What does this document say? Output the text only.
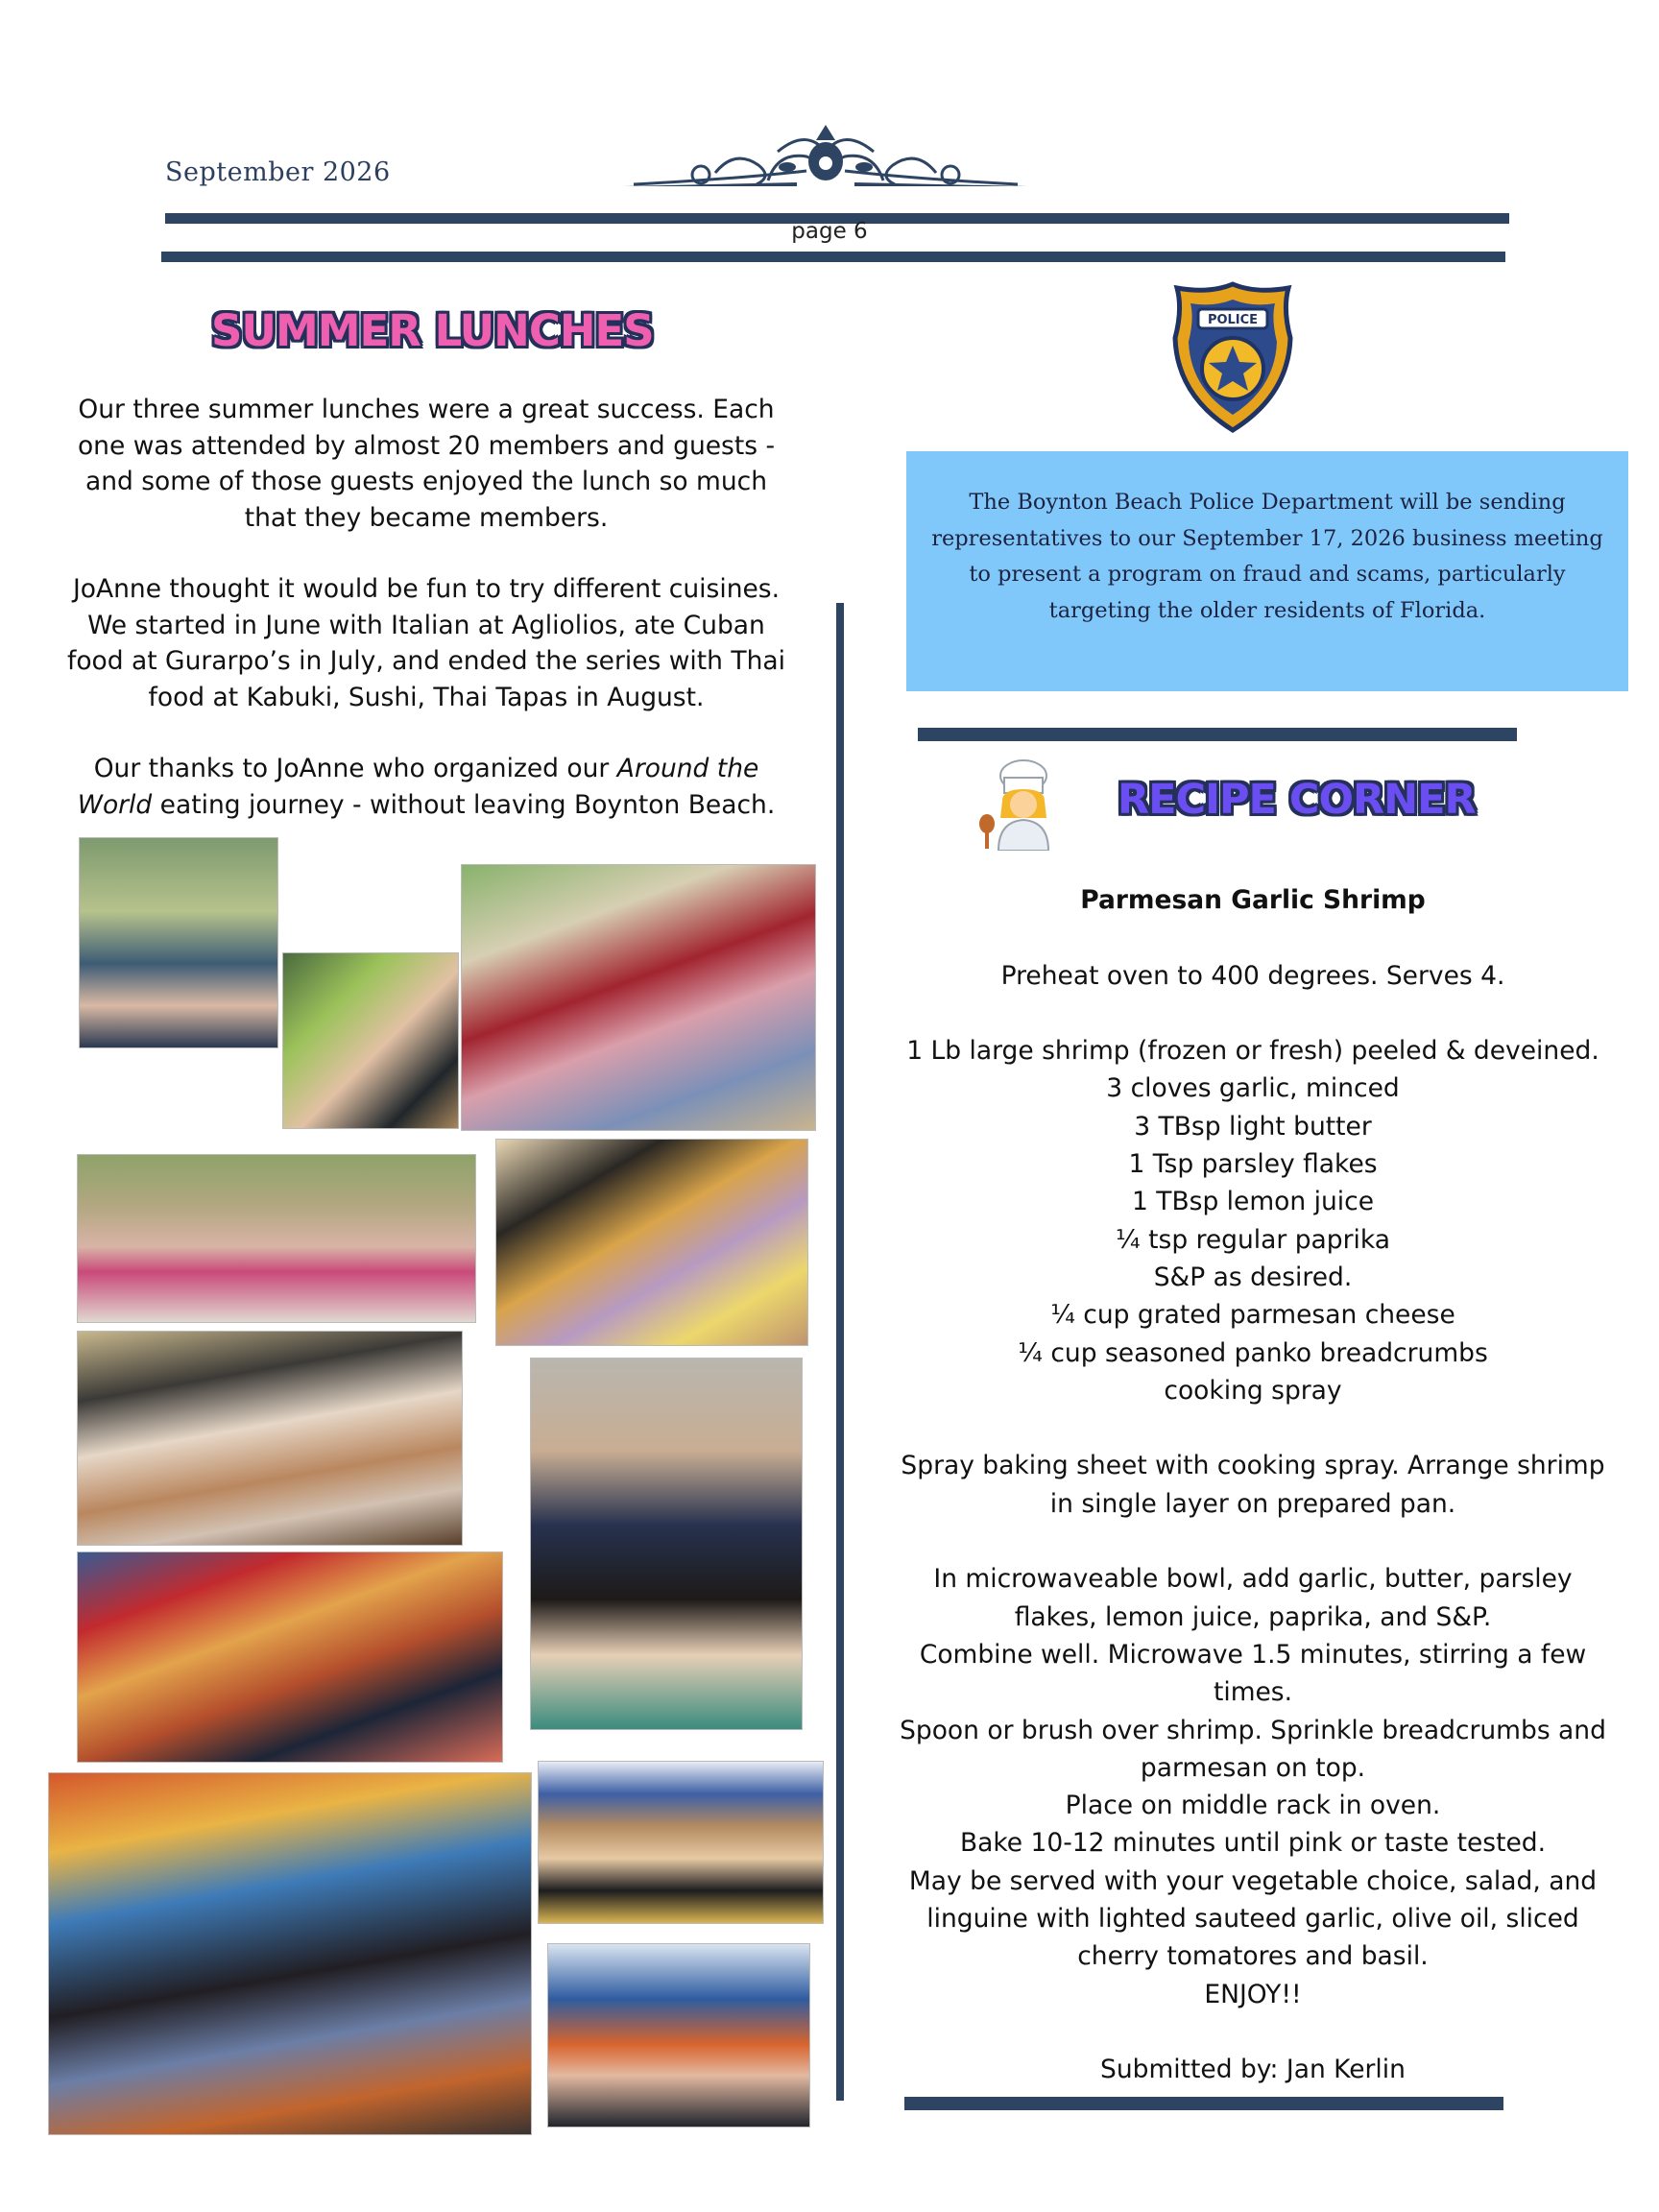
September 2026
page 6
SUMMER LUNCHES

Our three summer lunches were a great success. Each one was attended by almost 20 members and guests - and some of those guests enjoyed the lunch so much that they became members.

JoAnne thought it would be fun to try different cuisines. We started in June with Italian at Agliolios, ate Cuban food at Gurarpo’s in July, and ended the series with Thai food at Kabuki, Sushi, Thai Tapas in August.

Our thanks to JoAnne who organized our Around the World eating journey - without leaving Boynton Beach.

POLICE
The Boynton Beach Police Department will be sending representatives to our September 17, 2026 business meeting to present a program on fraud and scams, particularly targeting the older residents of Florida.
RECIPE CORNER

Parmesan Garlic Shrimp

Preheat oven to 400 degrees. Serves 4.

1 Lb large shrimp (frozen or fresh) peeled & deveined.

3 cloves garlic, minced

3 TBsp light butter

1 Tsp parsley flakes

1 TBsp lemon juice

¼ tsp regular paprika

S&P as desired.

¼ cup grated parmesan cheese

¼ cup seasoned panko breadcrumbs

cooking spray

Spray baking sheet with cooking spray. Arrange shrimp in single layer on prepared pan.

In microwaveable bowl, add garlic, butter, parsley flakes, lemon juice, paprika, and S&P.

Combine well. Microwave 1.5 minutes, stirring a few times.

Spoon or brush over shrimp. Sprinkle breadcrumbs and parmesan on top.

Place on middle rack in oven.

Bake 10-12 minutes until pink or taste tested.

May be served with your vegetable choice, salad, and linguine with lighted sauteed garlic, olive oil, sliced cherry tomatores and basil.

ENJOY!!

Submitted by: Jan Kerlin
